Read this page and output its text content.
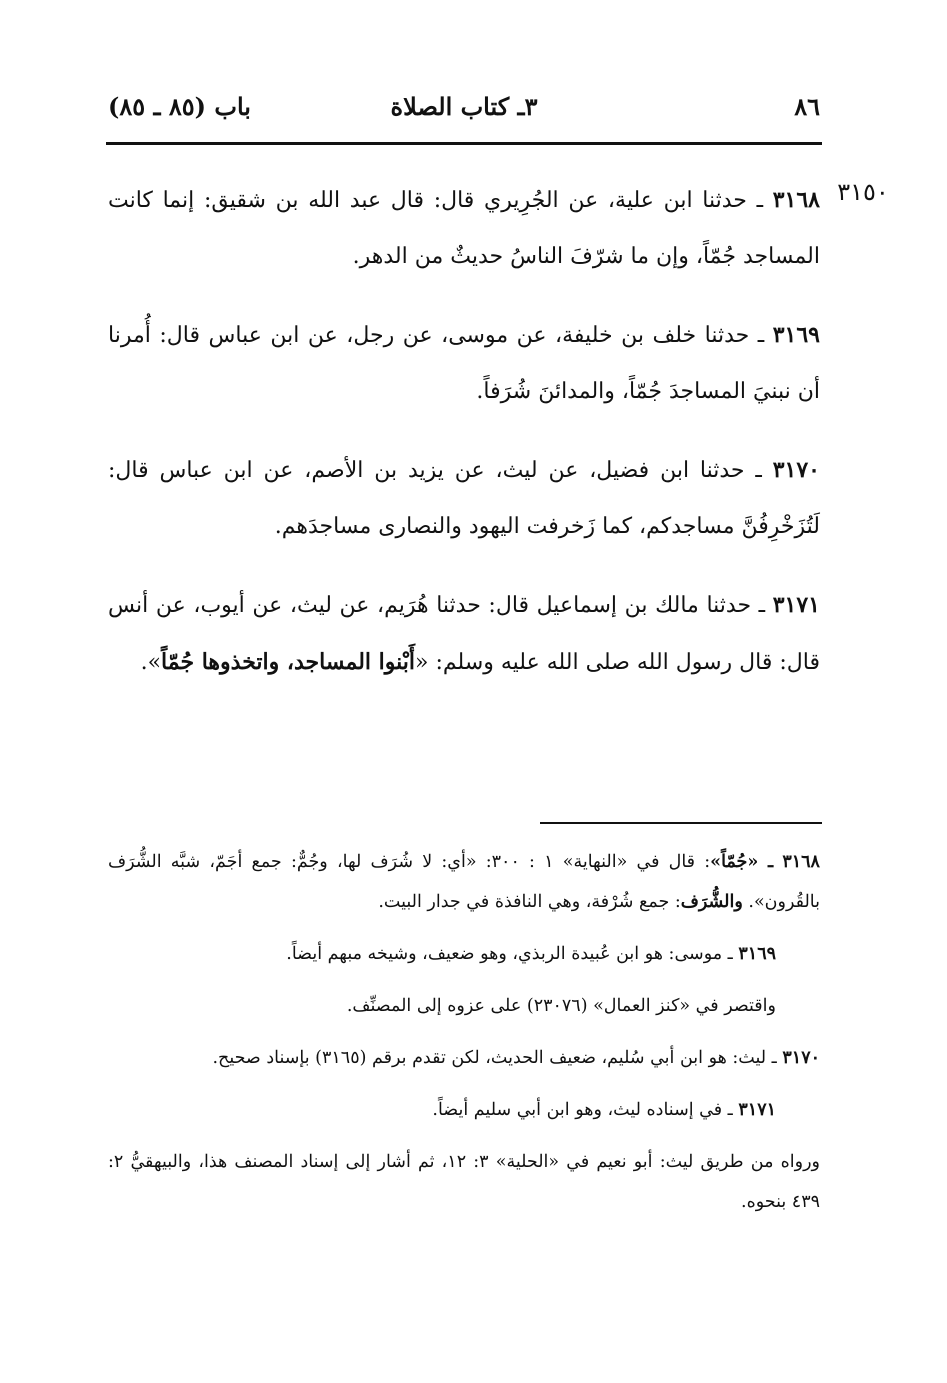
٨٦
٣ـ كتاب الصلاة
باب (٨٥ ـ ٨٥)
٣١٥٠

٣١٦٨ ـ حدثنا ابن علية، عن الجُرِيري قال: قال عبد الله بن شقيق: إنما كانت المساجد جُمّاً، وإن ما شرّفَ الناسُ حديثٌ من الدهر.

٣١٦٩ ـ حدثنا خلف بن خليفة، عن موسى، عن رجل، عن ابن عباس قال: أُمرنا أن نبنيَ المساجدَ جُمّاً، والمدائنَ شُرَفاً.

٣١٧٠ ـ حدثنا ابن فضيل، عن ليث، عن يزيد بن الأصم، عن ابن عباس قال: لَتُزَخْرِفُنَّ مساجدكم، كما زَخرفت اليهود والنصارى مساجدَهم.

٣١٧١ ـ حدثنا مالك بن إسماعيل قال: حدثنا هُرَيم، عن ليث، عن أيوب، عن أنس قال: قال رسول الله صلى الله عليه وسلم: «أَبْنوا المساجد، واتخذوها جُمّاً».

٣١٦٨ ـ «جُمّاً»: قال في «النهاية» ١ : ٣٠٠: «أي: لا شُرَف لها، وجُمٌّ: جمع أجَمّ، شبَّه الشُّرَف بالقُرون». والشُّرَف: جمع شُرْفة، وهي النافذة في جدار البيت.

٣١٦٩ ـ موسى: هو ابن عُبيدة الربذي، وهو ضعيف، وشيخه مبهم أيضاً.

واقتصر في «كنز العمال» (٢٣٠٧٦) على عزوه إلى المصنِّف.

٣١٧٠ ـ ليث: هو ابن أبي سُليم، ضعيف الحديث، لكن تقدم برقم (٣١٦٥) بإسناد صحيح.

٣١٧١ ـ في إسناده ليث، وهو ابن أبي سليم أيضاً.

ورواه من طريق ليث: أبو نعيم في «الحلية» ٣: ١٢، ثم أشار إلى إسناد المصنف هذا، والبيهقيُّ ٢: ٤٣٩ بنحوه.
